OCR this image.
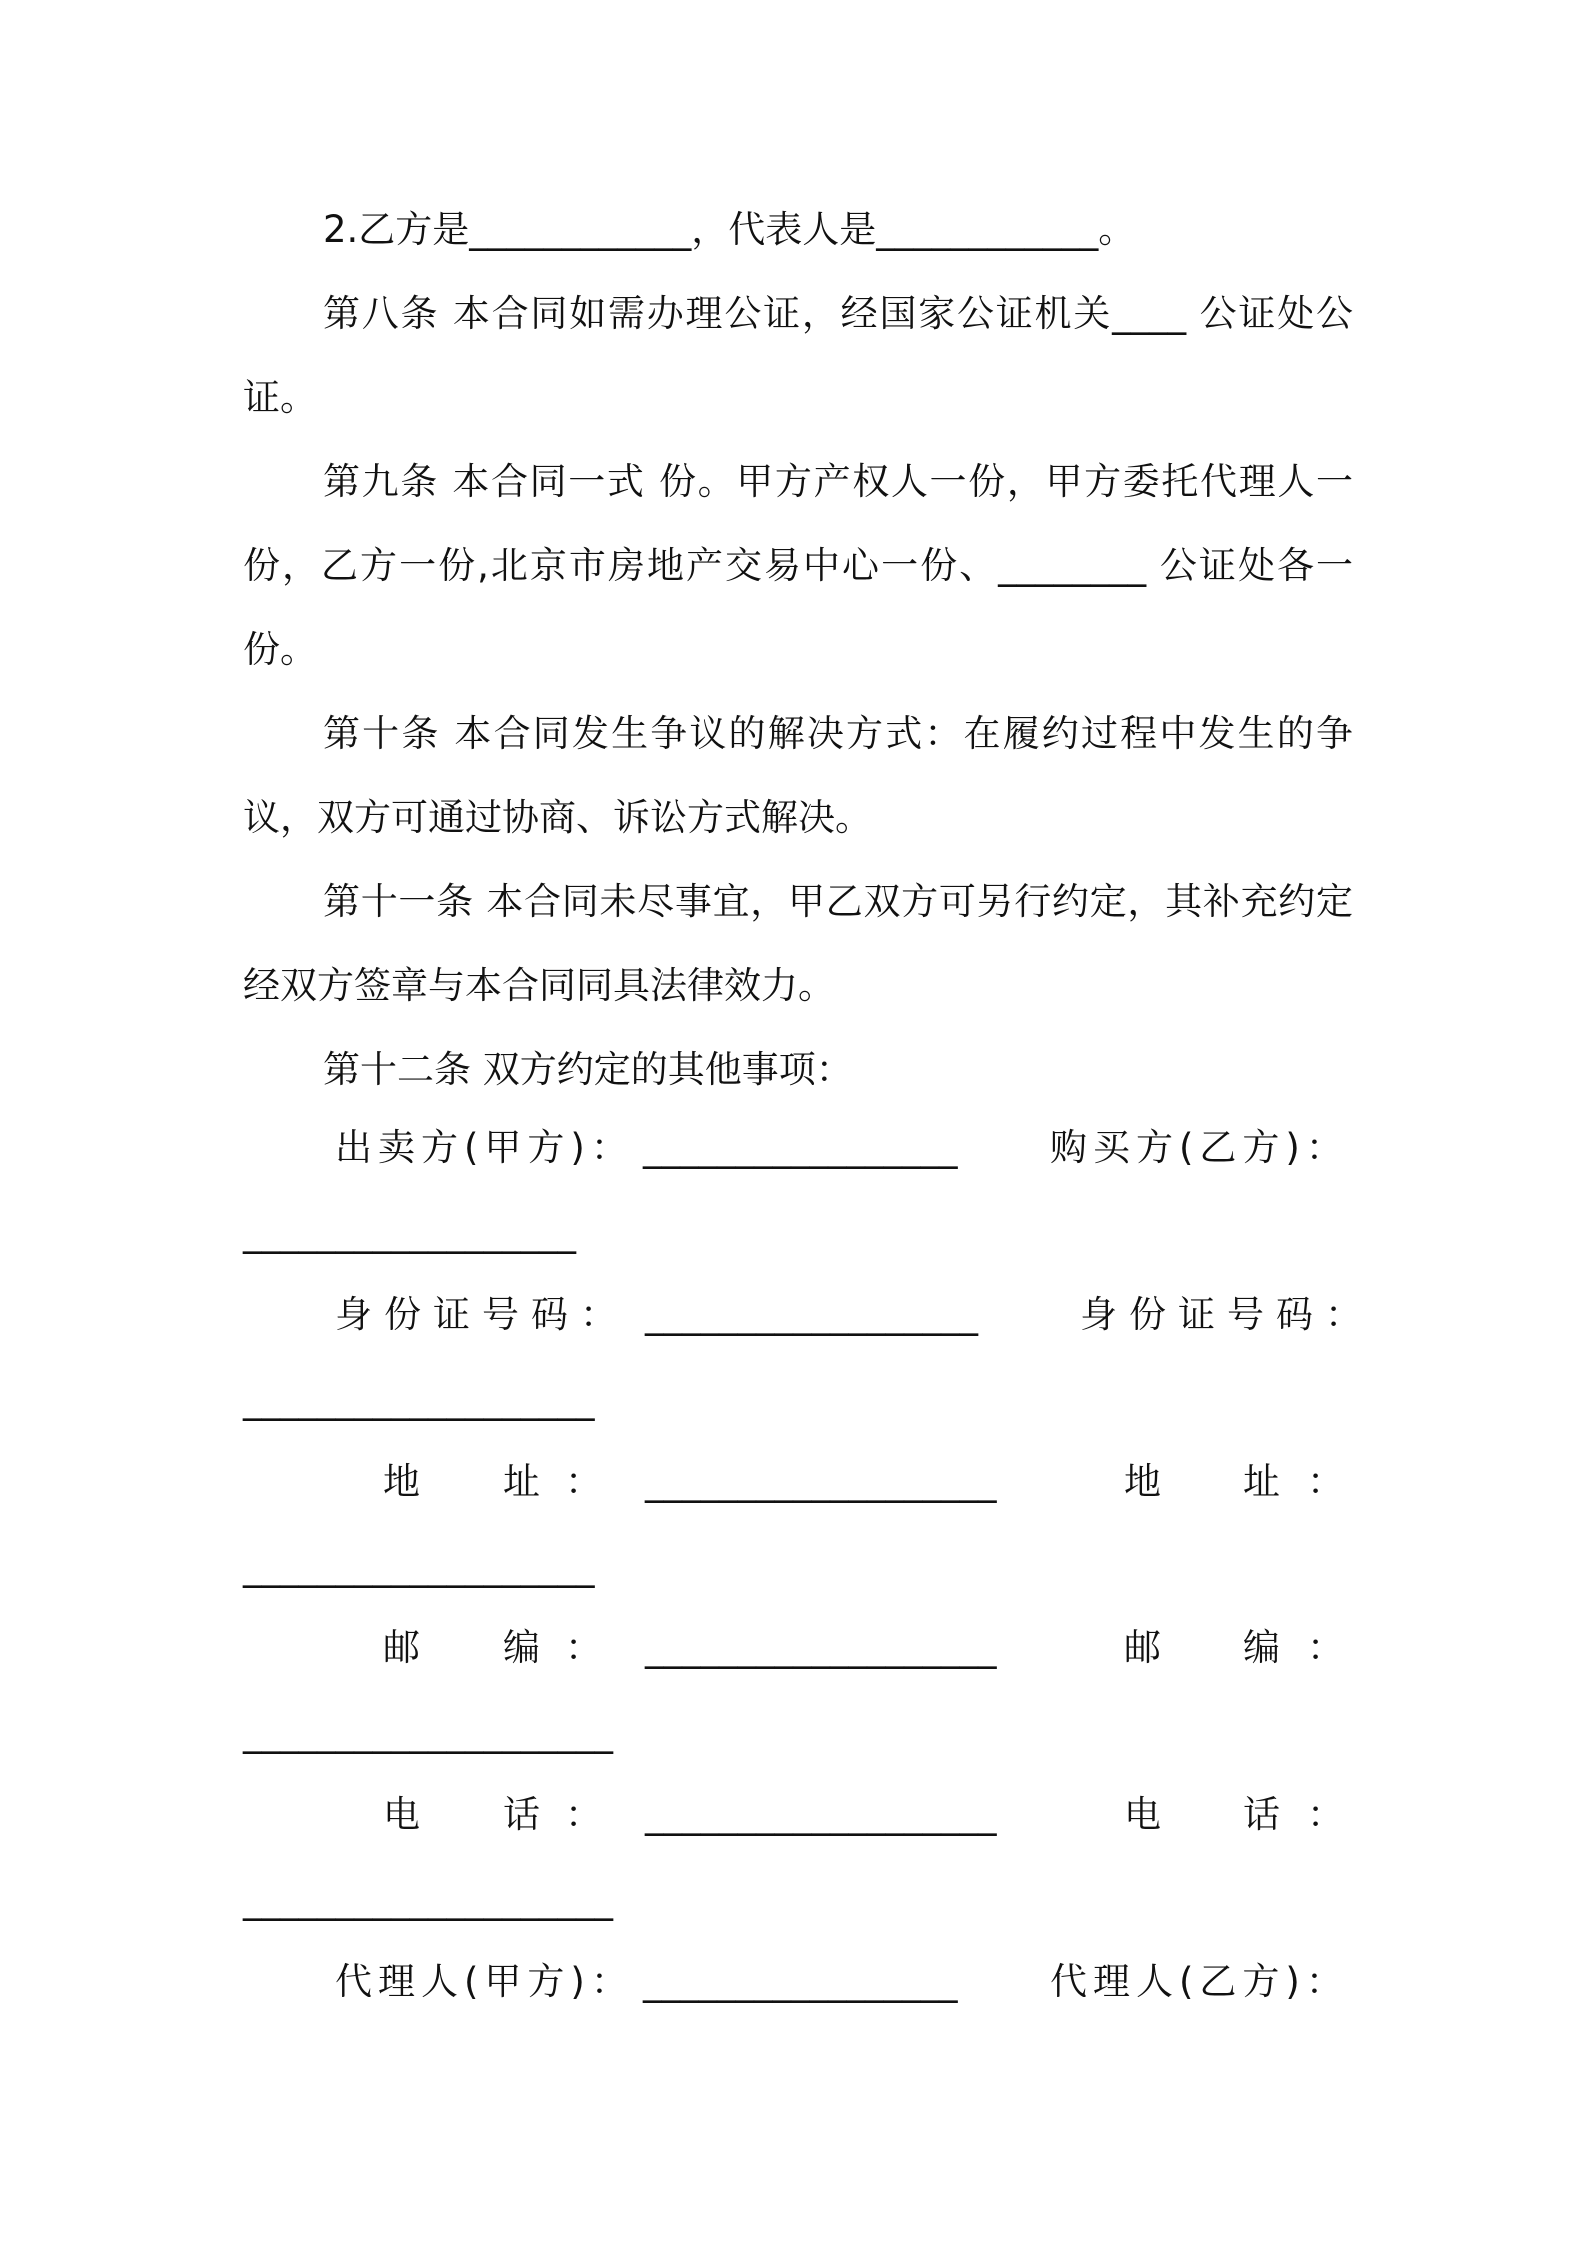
2.乙方是____________，代表人是____________。

第八条 本合同如需办理公证，经国家公证机关____ 公证处公证。

第九条 本合同一式 份。甲方产权人一份，甲方委托代理人一份，乙方一份,北京市房地产交易中心一份、________ 公证处各一份。

第十条 本合同发生争议的解决方式：在履约过程中发生的争议，双方可通过协商、诉讼方式解决。

第十一条 本合同未尽事宜，甲乙双方可另行约定，其补充约定经双方签章与本合同同具法律效力。

第十二条 双方约定的其他事项：

出卖方(甲方)： _________________	购买方(乙方)：
__________________
身份证号码： __________________	身份证号码：
___________________
地 址 ： ___________________	地 址 ：
___________________
邮 编 ： ___________________	邮 编 ：
____________________
电 话 ： ___________________	电 话 ：
____________________
代理人(甲方)： _________________	代理人(乙方)：
